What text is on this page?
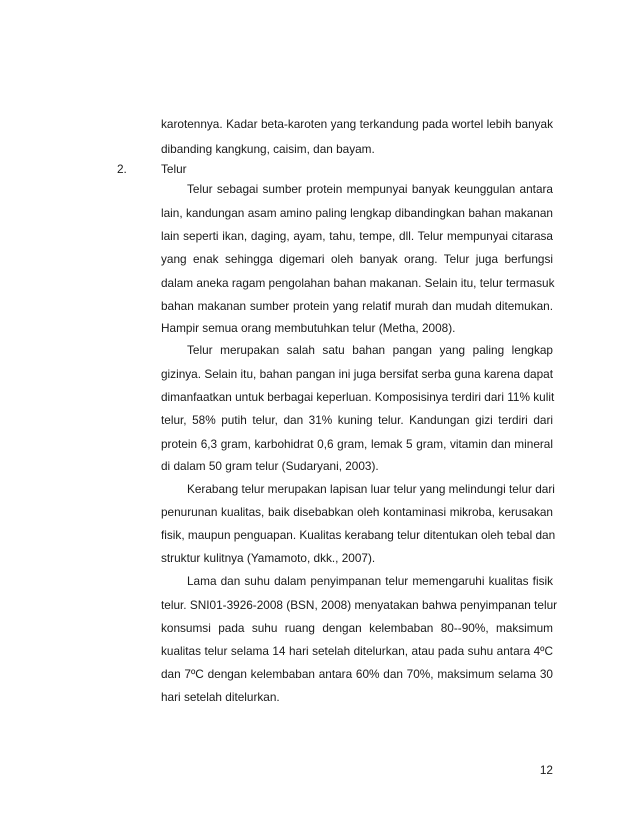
karotennya. Kadar beta-karoten yang terkandung pada wortel lebih banyak
dibanding kangkung, caisim, dan bayam.
2.	Telur
Telur sebagai sumber protein mempunyai banyak keunggulan antara
lain, kandungan asam amino paling lengkap dibandingkan bahan makanan
lain seperti ikan, daging, ayam, tahu, tempe, dll. Telur mempunyai citarasa
yang enak sehingga digemari oleh banyak orang. Telur juga berfungsi
dalam aneka ragam pengolahan bahan makanan. Selain itu, telur termasuk
bahan makanan sumber protein yang relatif murah dan mudah ditemukan.
Hampir semua orang membutuhkan telur (Metha, 2008).
Telur merupakan salah satu bahan pangan yang paling lengkap
gizinya. Selain itu, bahan pangan ini juga bersifat serba guna karena dapat
dimanfaatkan untuk berbagai keperluan. Komposisinya terdiri dari 11% kulit
telur, 58% putih telur, dan 31% kuning telur. Kandungan gizi terdiri dari
protein 6,3 gram, karbohidrat 0,6 gram, lemak 5 gram, vitamin dan mineral
di dalam 50 gram telur (Sudaryani, 2003).
Kerabang telur merupakan lapisan luar telur yang melindungi telur dari
penurunan kualitas, baik disebabkan oleh kontaminasi mikroba, kerusakan
fisik, maupun penguapan. Kualitas kerabang telur ditentukan oleh tebal dan
struktur kulitnya (Yamamoto, dkk., 2007).
Lama dan suhu dalam penyimpanan telur memengaruhi kualitas fisik
telur. SNI01-3926-2008 (BSN, 2008) menyatakan bahwa penyimpanan telur
konsumsi pada suhu ruang dengan kelembaban 80--90%, maksimum
kualitas telur selama 14 hari setelah ditelurkan, atau pada suhu antara 4ºC
dan 7ºC dengan kelembaban antara 60% dan 70%, maksimum selama 30
hari setelah ditelurkan.
12
